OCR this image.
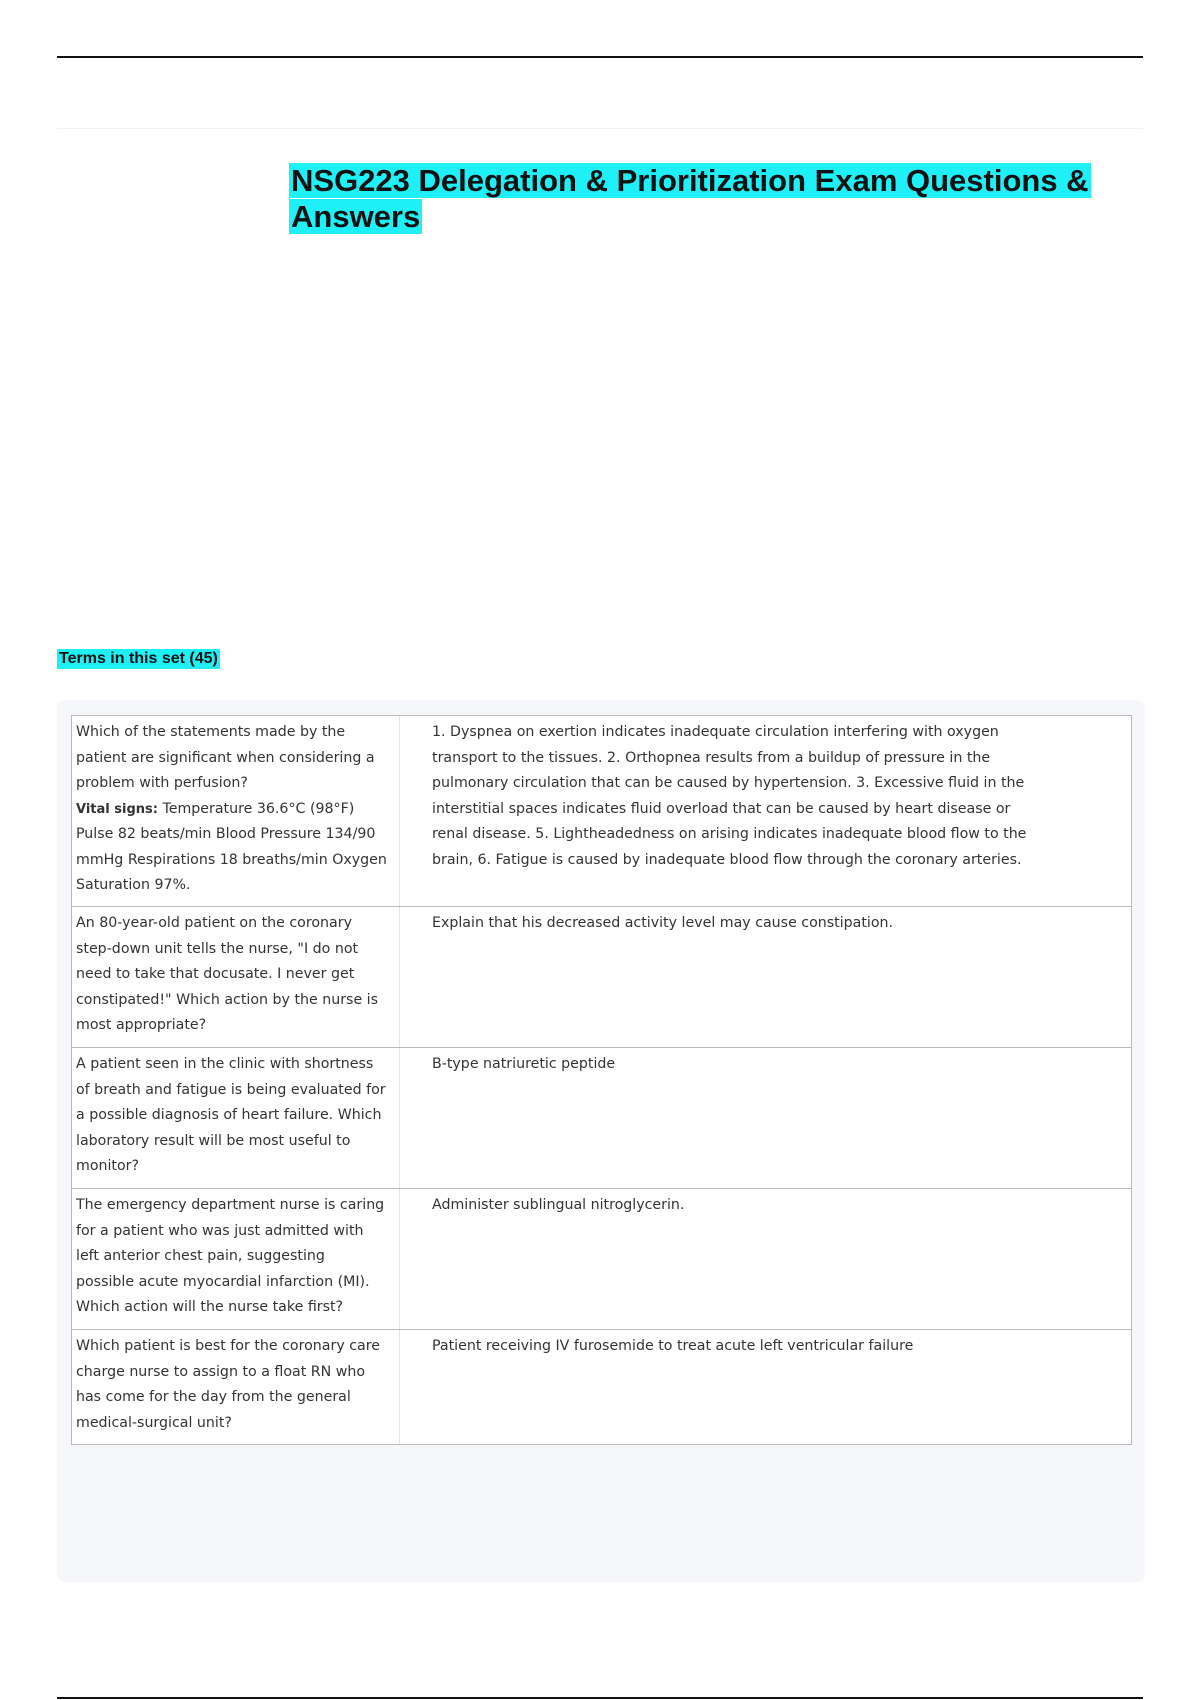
NSG223 Delegation & Prioritization Exam Questions & Answers
Terms in this set (45)
Which of the statements made by the patient are significant when considering a problem with perfusion?
Vital signs: Temperature 36.6°C (98°F) Pulse 82 beats/min Blood Pressure 134/90 mmHg Respirations 18 breaths/min Oxygen Saturation 97%.
1. Dyspnea on exertion indicates inadequate circulation interfering with oxygen transport to the tissues. 2. Orthopnea results from a buildup of pressure in the pulmonary circulation that can be caused by hypertension. 3. Excessive fluid in the interstitial spaces indicates fluid overload that can be caused by heart disease or renal disease. 5. Lightheadedness on arising indicates inadequate blood flow to the brain, 6. Fatigue is caused by inadequate blood flow through the coronary arteries.
An 80-year-old patient on the coronary step-down unit tells the nurse, "I do not need to take that docusate. I never get constipated!" Which action by the nurse is most appropriate?
Explain that his decreased activity level may cause constipation.
A patient seen in the clinic with shortness of breath and fatigue is being evaluated for a possible diagnosis of heart failure. Which laboratory result will be most useful to monitor?
B-type natriuretic peptide
The emergency department nurse is caring for a patient who was just admitted with left anterior chest pain, suggesting possible acute myocardial infarction (MI). Which action will the nurse take first?
Administer sublingual nitroglycerin.
Which patient is best for the coronary care charge nurse to assign to a float RN who has come for the day from the general medical-surgical unit?
Patient receiving IV furosemide to treat acute left ventricular failure
